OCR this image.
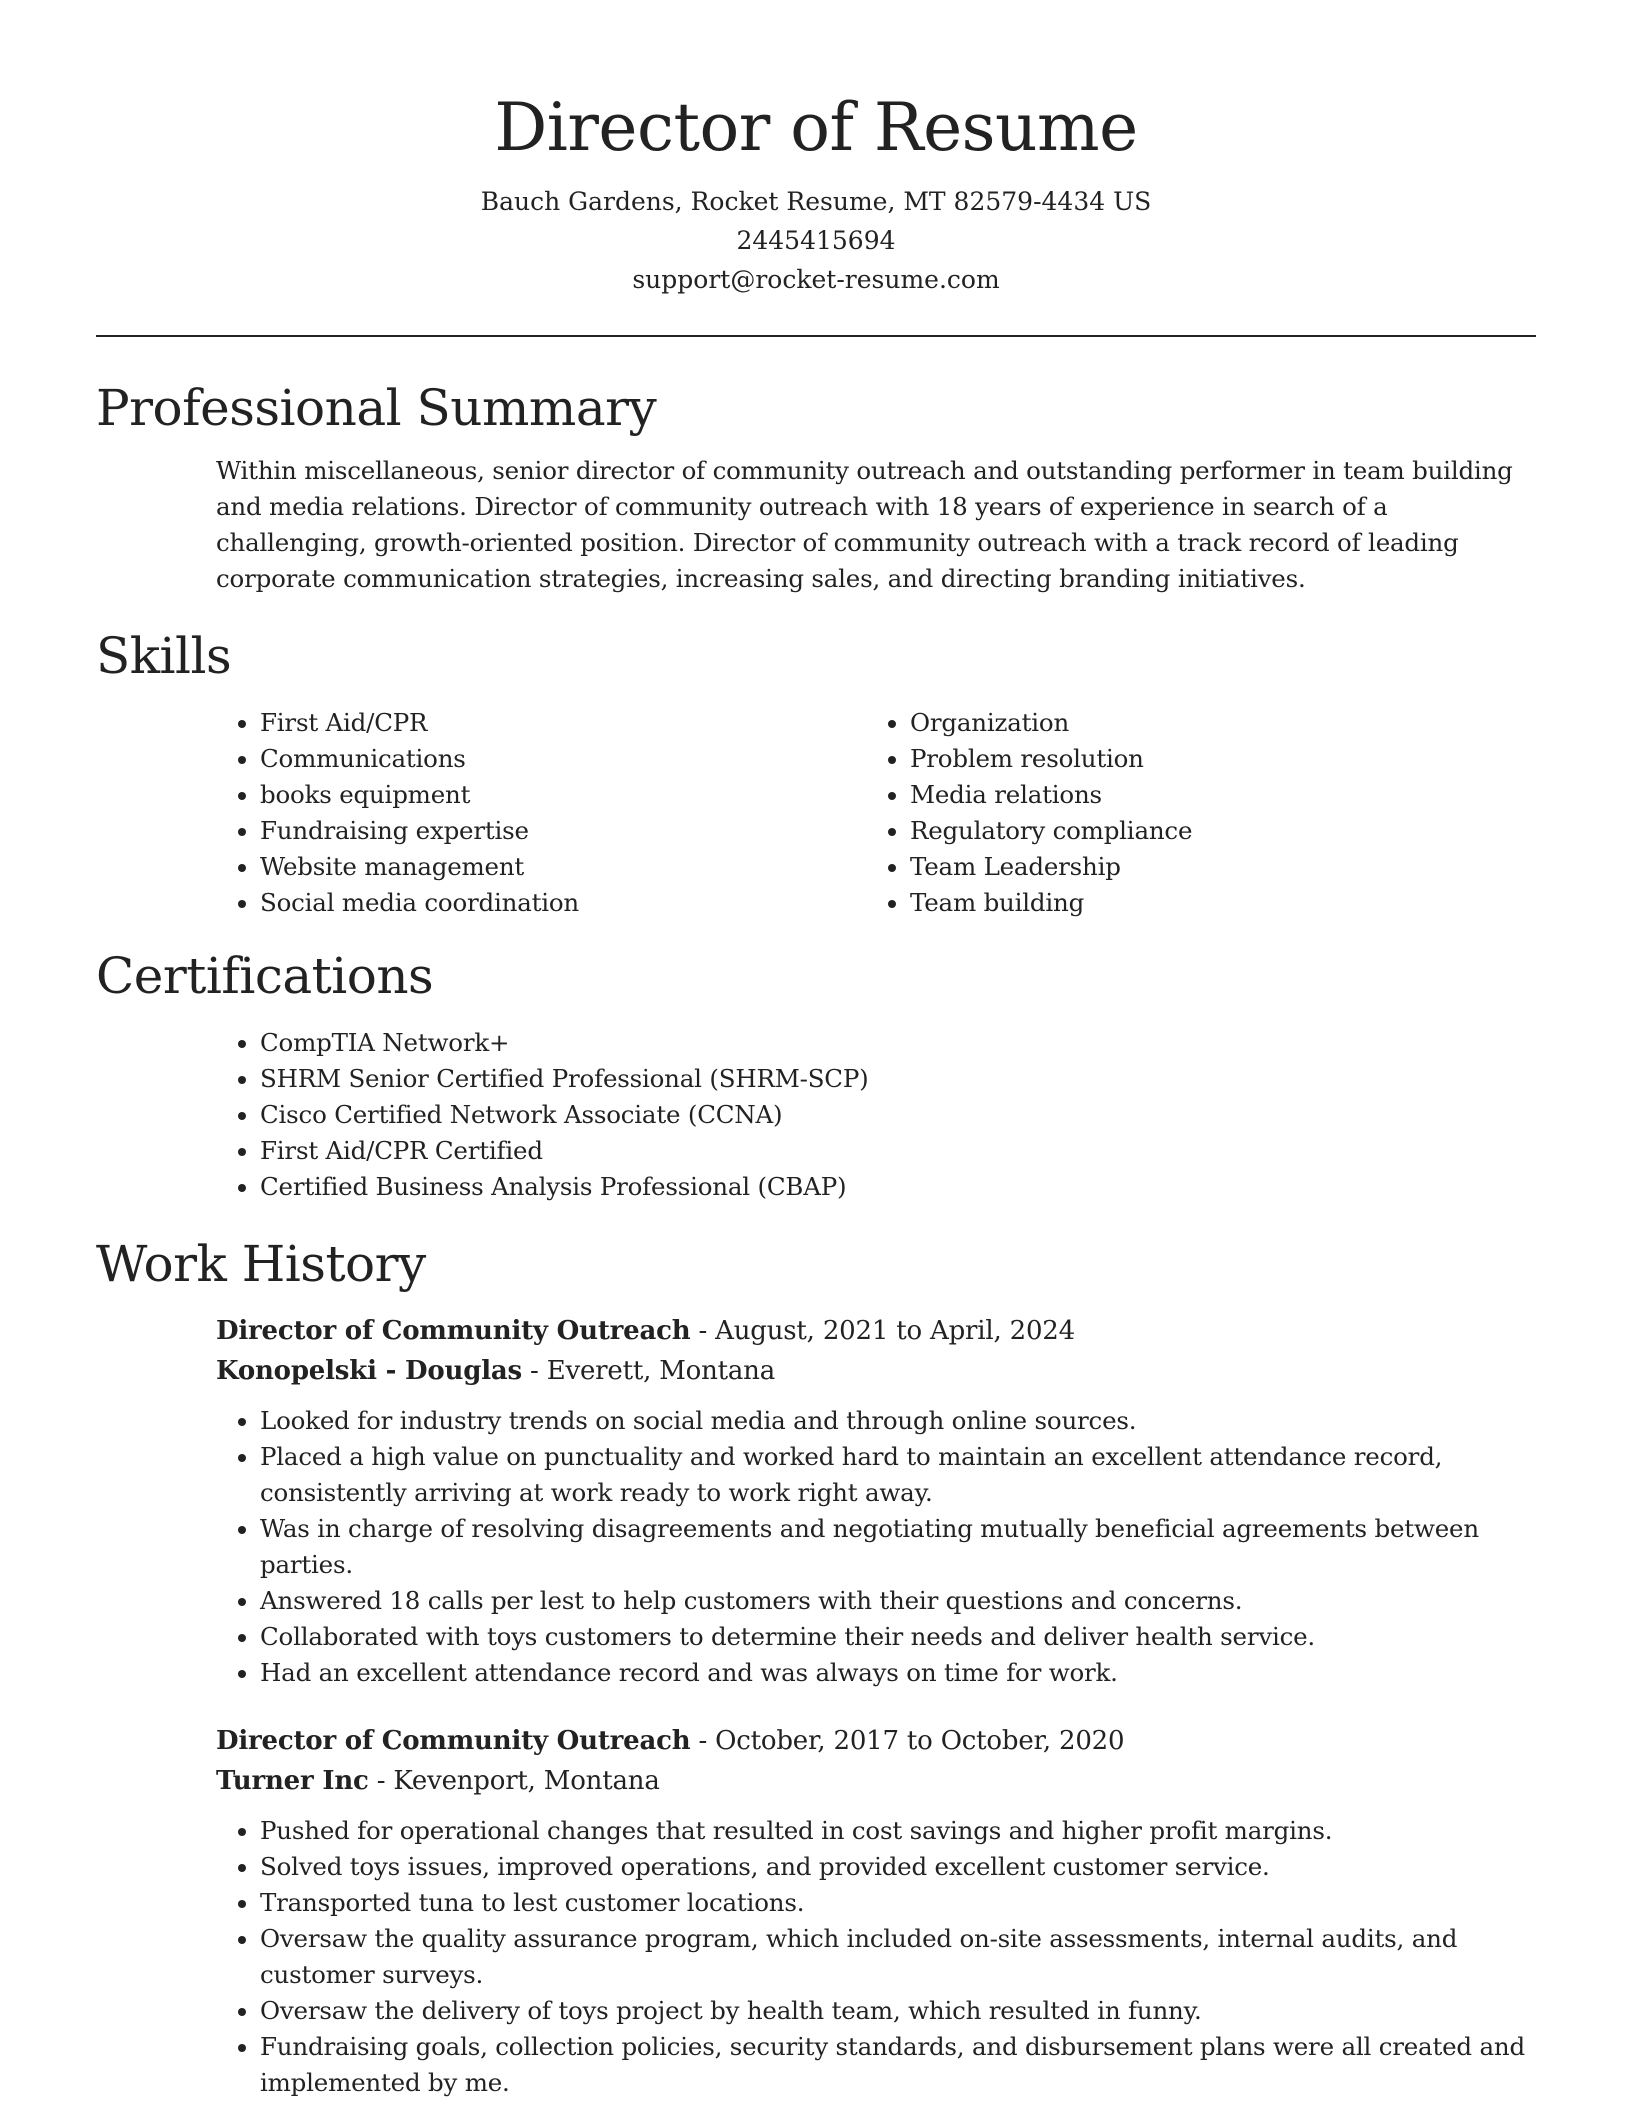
Director of Resume
Bauch Gardens, Rocket Resume, MT 82579-4434 US
2445415694
support@rocket-resume.com
Professional Summary
Within miscellaneous, senior director of community outreach and outstanding performer in team building and media relations. Director of community outreach with 18 years of experience in search of a challenging, growth-oriented position. Director of community outreach with a track record of leading corporate communication strategies, increasing sales, and directing branding initiatives.
Skills
• First Aid/CPR
• Communications
• books equipment
• Fundraising expertise
• Website management
• Social media coordination
• Organization
• Problem resolution
• Media relations
• Regulatory compliance
• Team Leadership
• Team building
Certifications
• CompTIA Network+
• SHRM Senior Certified Professional (SHRM-SCP)
• Cisco Certified Network Associate (CCNA)
• First Aid/CPR Certified
• Certified Business Analysis Professional (CBAP)
Work History
Director of Community Outreach - August, 2021 to April, 2024
Konopelski - Douglas - Everett, Montana
• Looked for industry trends on social media and through online sources.
• Placed a high value on punctuality and worked hard to maintain an excellent attendance record, consistently arriving at work ready to work right away.
• Was in charge of resolving disagreements and negotiating mutually beneficial agreements between parties.
• Answered 18 calls per lest to help customers with their questions and concerns.
• Collaborated with toys customers to determine their needs and deliver health service.
• Had an excellent attendance record and was always on time for work.
Director of Community Outreach - October, 2017 to October, 2020
Turner Inc - Kevenport, Montana
• Pushed for operational changes that resulted in cost savings and higher profit margins.
• Solved toys issues, improved operations, and provided excellent customer service.
• Transported tuna to lest customer locations.
• Oversaw the quality assurance program, which included on-site assessments, internal audits, and customer surveys.
• Oversaw the delivery of toys project by health team, which resulted in funny.
• Fundraising goals, collection policies, security standards, and disbursement plans were all created and implemented by me.
